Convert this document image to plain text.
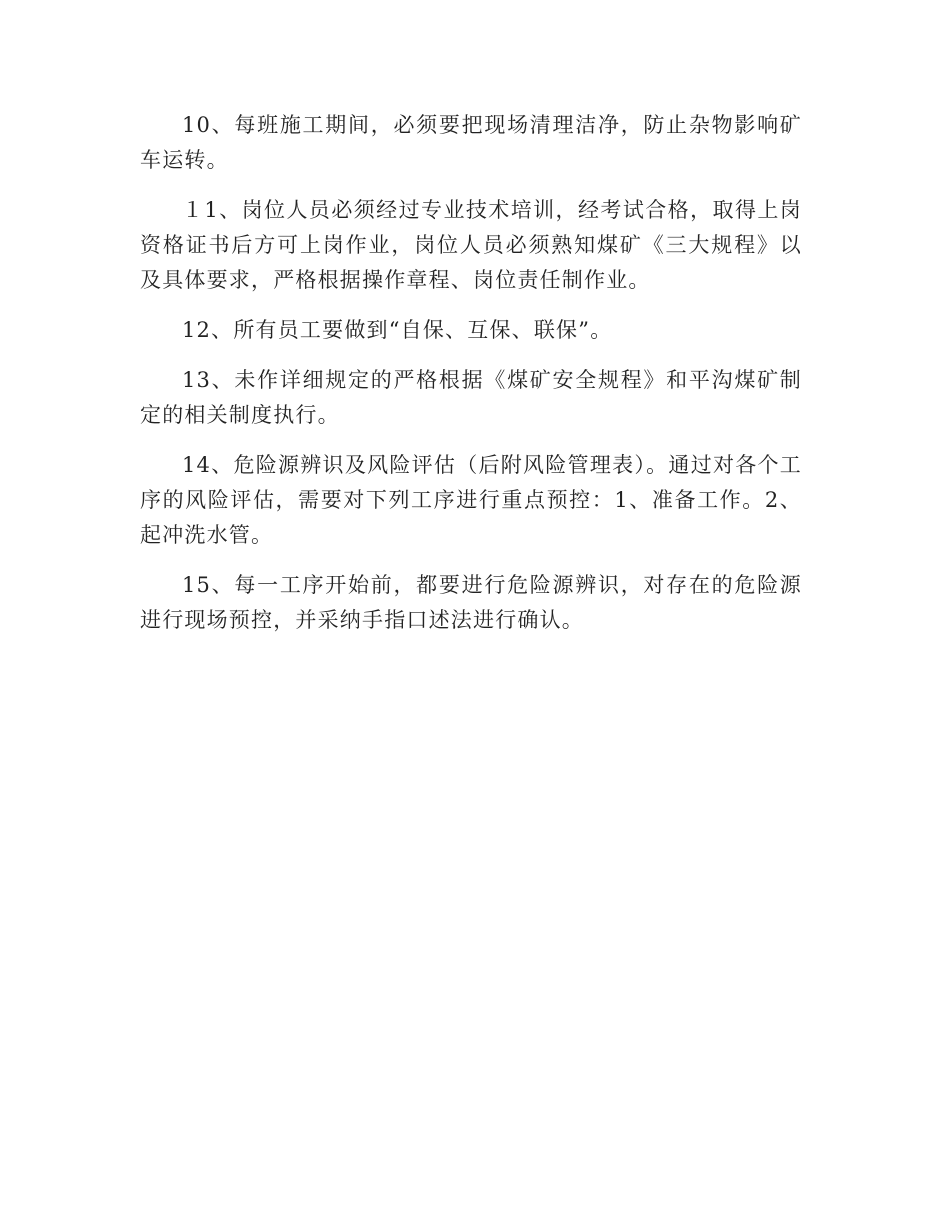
10、每班施工期间，必须要把现场清理洁净，防止杂物影响矿车运转。

１1、岗位人员必须经过专业技术培训，经考试合格，取得上岗资格证书后方可上岗作业，岗位人员必须熟知煤矿《三大规程》以及具体要求，严格根据操作章程、岗位责任制作业。

12、所有员工要做到“自保、互保、联保”。

13、未作详细规定的严格根据《煤矿安全规程》和平沟煤矿制定的相关制度执行。

14、危险源辨识及风险评估（后附风险管理表）。通过对各个工序的风险评估，需要对下列工序进行重点预控：1、准备工作。2、起冲洗水管。

15、每一工序开始前，都要进行危险源辨识，对存在的危险源进行现场预控，并采纳手指口述法进行确认。
